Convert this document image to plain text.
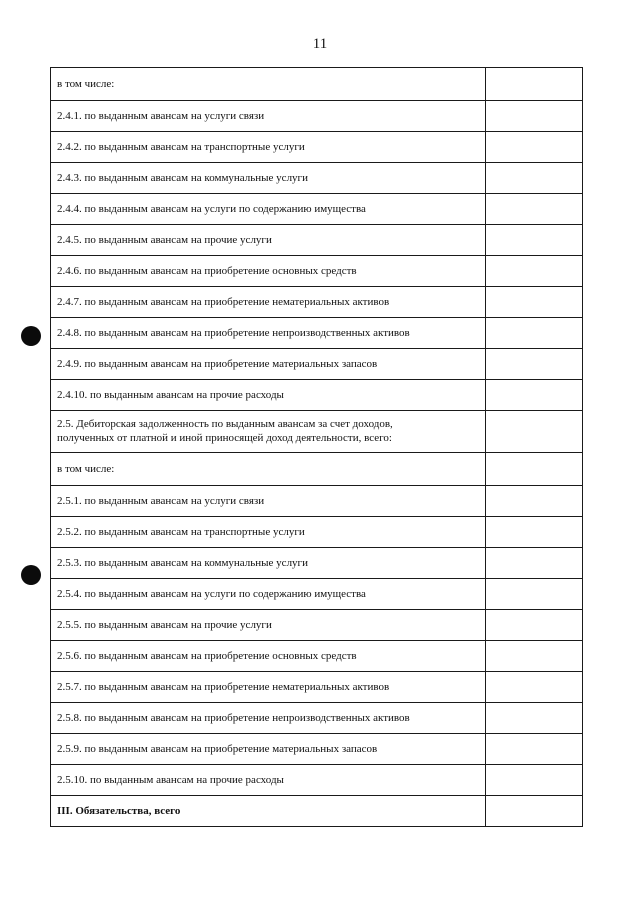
11
в том числе:	
2.4.1. по выданным авансам на услуги связи	
2.4.2. по выданным авансам на транспортные услуги	
2.4.3. по выданным авансам на коммунальные услуги	
2.4.4. по выданным авансам на услуги по содержанию имущества	
2.4.5. по выданным авансам на прочие услуги	
2.4.6. по выданным авансам на приобретение основных средств	
2.4.7. по выданным авансам на приобретение нематериальных активов	
2.4.8. по выданным авансам на приобретение непроизводственных активов	
2.4.9. по выданным авансам на приобретение материальных запасов	
2.4.10. по выданным авансам на прочие расходы	

2.5. Дебиторская задолженность по выданным авансам за счет доходов,
полученных от платной и иной приносящей доход деятельности, всего:	

в том числе:	
2.5.1. по выданным авансам на услуги связи	
2.5.2. по выданным авансам на транспортные услуги	
2.5.3. по выданным авансам на коммунальные услуги	
2.5.4. по выданным авансам на услуги по содержанию имущества	
2.5.5. по выданным авансам на прочие услуги	
2.5.6. по выданным авансам на приобретение основных средств	
2.5.7. по выданным авансам на приобретение нематериальных активов	
2.5.8. по выданным авансам на приобретение непроизводственных активов	
2.5.9. по выданным авансам на приобретение материальных запасов	
2.5.10. по выданным авансам на прочие расходы	
III. Обязательства, всего	
